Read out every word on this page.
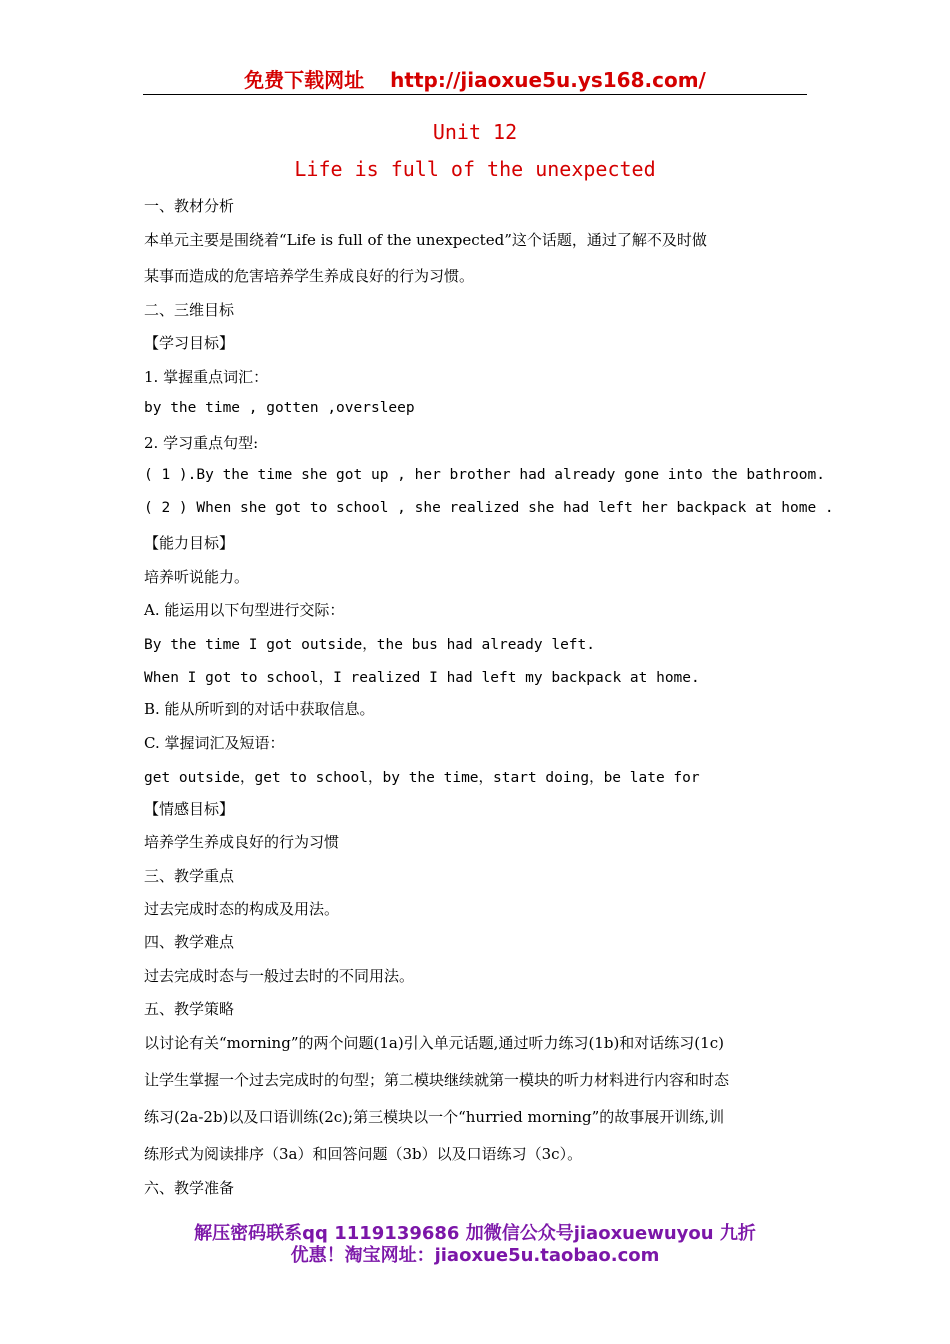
免费下载网址 http://jiaoxue5u.ys168.com/
Unit 12
Life is full of the unexpected
一、教材分析
本单元主要是围绕着“Life is full of the unexpected”这个话题，通过了解不及时做
某事而造成的危害培养学生养成良好的行为习惯。
二、三维目标
【学习目标】
1. 掌握重点词汇：
by the time , gotten ,oversleep
2. 学习重点句型:
( 1 ).By the time she got up , her brother had already gone into the bathroom.
( 2 ) When she got to school , she realized she had left her backpack at home .
【能力目标】
培养听说能力。
A. 能运用以下句型进行交际：
By the time I got outside，the bus had already left.
When I got to school，I realized I had left my backpack at home.
B. 能从所听到的对话中获取信息。
C. 掌握词汇及短语：
get outside，get to school，by the time，start doing，be late for
【情感目标】
培养学生养成良好的行为习惯
三、教学重点
过去完成时态的构成及用法。
四、教学难点
过去完成时态与一般过去时的不同用法。
五、教学策略
以讨论有关“morning”的两个问题(1a)引入单元话题,通过听力练习(1b)和对话练习(1c)
让学生掌握一个过去完成时的句型；第二模块继续就第一模块的听力材料进行内容和时态
练习(2a-2b)以及口语训练(2c);第三模块以一个“hurried morning”的故事展开训练,训
练形式为阅读排序（3a）和回答问题（3b）以及口语练习（3c）。
六、教学准备
解压密码联系qq 1119139686 加微信公众号jiaoxuewuyou 九折
优惠！淘宝网址：jiaoxue5u.taobao.com
